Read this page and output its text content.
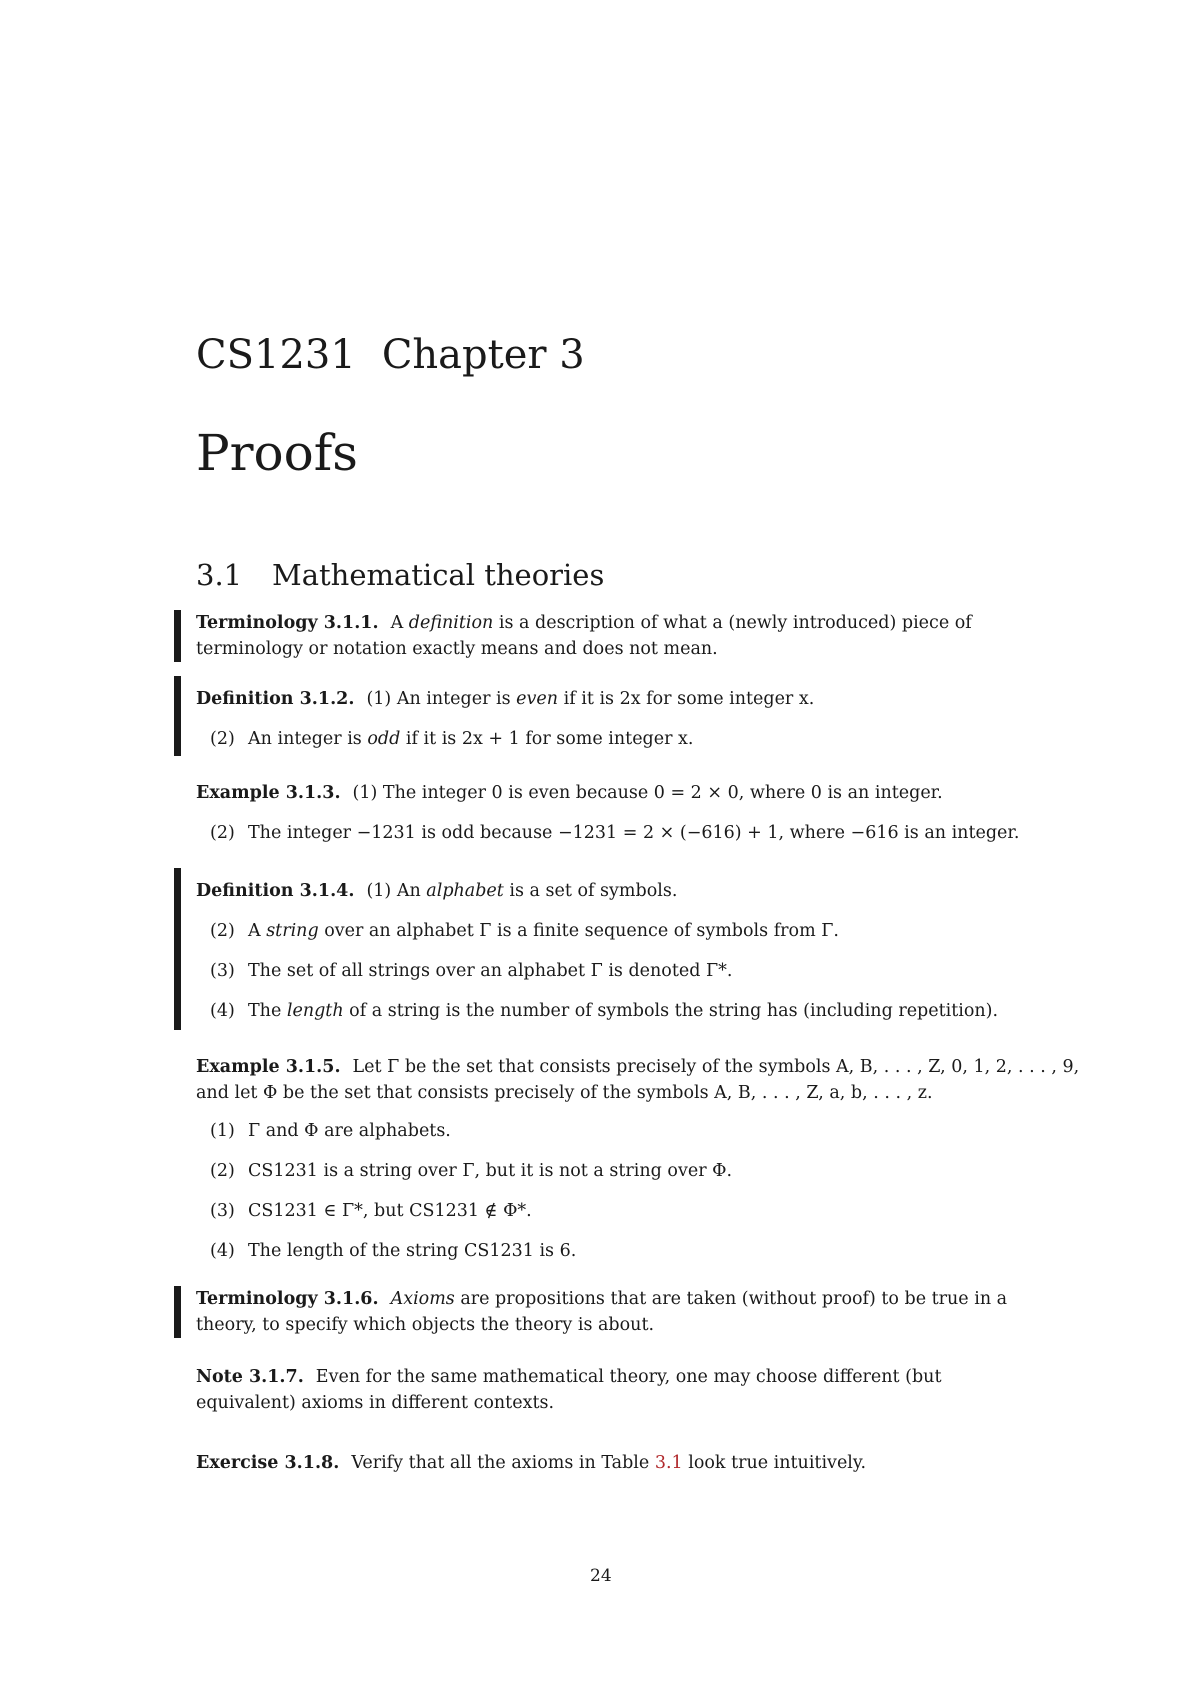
CS1231 Chapter 3
Proofs
3.1 Mathematical theories
Terminology 3.1.1. A definition is a description of what a (newly introduced) piece of terminology or notation exactly means and does not mean.
Definition 3.1.2. (1) An integer is even if it is 2x for some integer x.
(2) An integer is odd if it is 2x + 1 for some integer x.
Example 3.1.3. (1) The integer 0 is even because 0 = 2 × 0, where 0 is an integer.
(2) The integer −1231 is odd because −1231 = 2 × (−616) + 1, where −616 is an integer.
Definition 3.1.4. (1) An alphabet is a set of symbols.
(2) A string over an alphabet Γ is a finite sequence of symbols from Γ.
(3) The set of all strings over an alphabet Γ is denoted Γ*.
(4) The length of a string is the number of symbols the string has (including repetition).
Example 3.1.5. Let Γ be the set that consists precisely of the symbols A, B, . . . , Z, 0, 1, 2, . . . , 9,
and let Φ be the set that consists precisely of the symbols A, B, . . . , Z, a, b, . . . , z.
(1) Γ and Φ are alphabets.
(2) CS1231 is a string over Γ, but it is not a string over Φ.
(3) CS1231 ∈ Γ*, but CS1231 ∉ Φ*.
(4) The length of the string CS1231 is 6.
Terminology 3.1.6. Axioms are propositions that are taken (without proof) to be true in a theory, to specify which objects the theory is about.
Note 3.1.7. Even for the same mathematical theory, one may choose different (but equivalent) axioms in different contexts.
Exercise 3.1.8. Verify that all the axioms in Table 3.1 look true intuitively.
24
